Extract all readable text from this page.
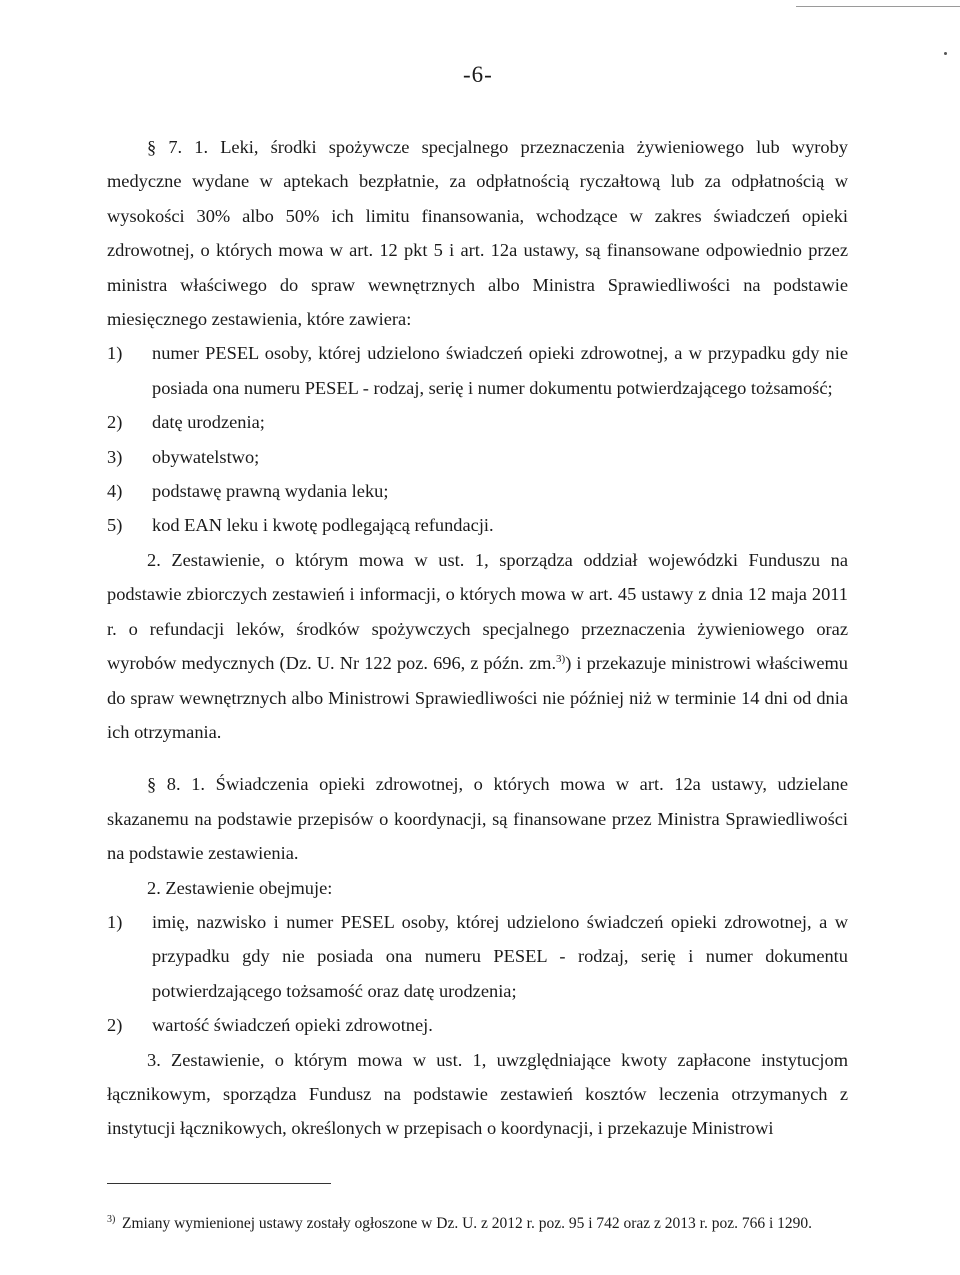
-6-

§ 7. 1. Leki, środki spożywcze specjalnego przeznaczenia żywieniowego lub wyroby medyczne wydane w aptekach bezpłatnie, za odpłatnością ryczałtową lub za odpłatnością w wysokości 30% albo 50% ich limitu finansowania, wchodzące w zakres świadczeń opieki zdrowotnej, o których mowa w art. 12 pkt 5 i art. 12a ustawy, są finansowane odpowiednio przez ministra właściwego do spraw wewnętrznych albo Ministra Sprawiedliwości na podstawie miesięcznego zestawienia, które zawiera:

1)	numer PESEL osoby, której udzielono świadczeń opieki zdrowotnej, a w przypadku gdy nie posiada ona numeru PESEL - rodzaj, serię i numer dokumentu potwierdzającego tożsamość;
2)	datę urodzenia;
3)	obywatelstwo;
4)	podstawę prawną wydania leku;
5)	kod EAN leku i kwotę podlegającą refundacji.

2. Zestawienie, o którym mowa w ust. 1, sporządza oddział wojewódzki Funduszu na podstawie zbiorczych zestawień i informacji, o których mowa w art. 45 ustawy z dnia 12 maja 2011 r. o refundacji leków, środków spożywczych specjalnego przeznaczenia żywieniowego oraz wyrobów medycznych (Dz. U. Nr 122 poz. 696, z późn. zm.$^{3)}$) i przekazuje ministrowi właściwemu do spraw wewnętrznych albo Ministrowi Sprawiedliwości nie później niż w terminie 14 dni od dnia ich otrzymania.

§ 8. 1. Świadczenia opieki zdrowotnej, o których mowa w art. 12a ustawy, udzielane skazanemu na podstawie przepisów o koordynacji, są finansowane przez Ministra Sprawiedliwości na podstawie zestawienia.

2. Zestawienie obejmuje:

1)	imię, nazwisko i numer PESEL osoby, której udzielono świadczeń opieki zdrowotnej, a w przypadku gdy nie posiada ona numeru PESEL - rodzaj, serię i numer dokumentu potwierdzającego tożsamość oraz datę urodzenia;
2)	wartość świadczeń opieki zdrowotnej.

3. Zestawienie, o którym mowa w ust. 1, uwzględniające kwoty zapłacone instytucjom łącznikowym, sporządza Fundusz na podstawie zestawień kosztów leczenia otrzymanych z instytucji łącznikowych, określonych w przepisach o koordynacji, i przekazuje Ministrowi

3) Zmiany wymienionej ustawy zostały ogłoszone w Dz. U. z 2012 r. poz. 95 i 742 oraz z 2013 r. poz. 766 i 1290.
